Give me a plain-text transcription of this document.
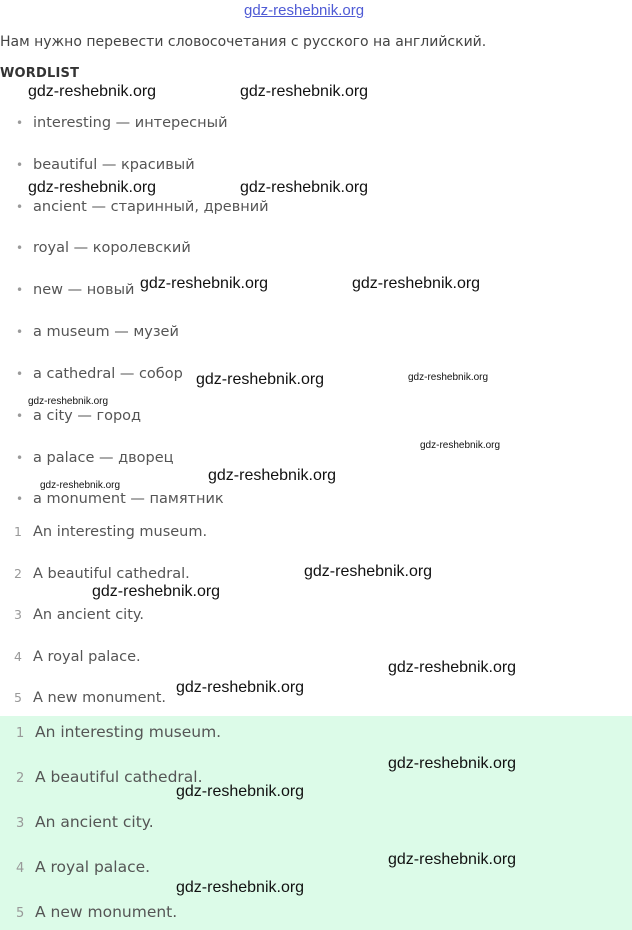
gdz-reshebnik.org
Нам нужно перевести словосочетания с русского на английский.
WORDLIST
• interesting — интересный
• beautiful — красивый
• ancient — старинный, древний
• royal — королевский
• new — новый
• a museum — музей
• a cathedral — собор
• a city — город
• a palace — дворец
• a monument — памятник
1 An interesting museum.
2 A beautiful cathedral.
3 An ancient city.
4 A royal palace.
5 A new monument.
1 An interesting museum.
2 A beautiful cathedral.
3 An ancient city.
4 A royal palace.
5 A new monument.
gdz-reshebnik.org	gdz-reshebnik.org
gdz-reshebnik.org	gdz-reshebnik.org
gdz-reshebnik.org	gdz-reshebnik.org
gdz-reshebnik.org	gdz-reshebnik.org
gdz-reshebnik.org
gdz-reshebnik.org
gdz-reshebnik.org
gdz-reshebnik.org
gdz-reshebnik.org
gdz-reshebnik.org
gdz-reshebnik.org
gdz-reshebnik.org
gdz-reshebnik.org
gdz-reshebnik.org
gdz-reshebnik.org
gdz-reshebnik.org
